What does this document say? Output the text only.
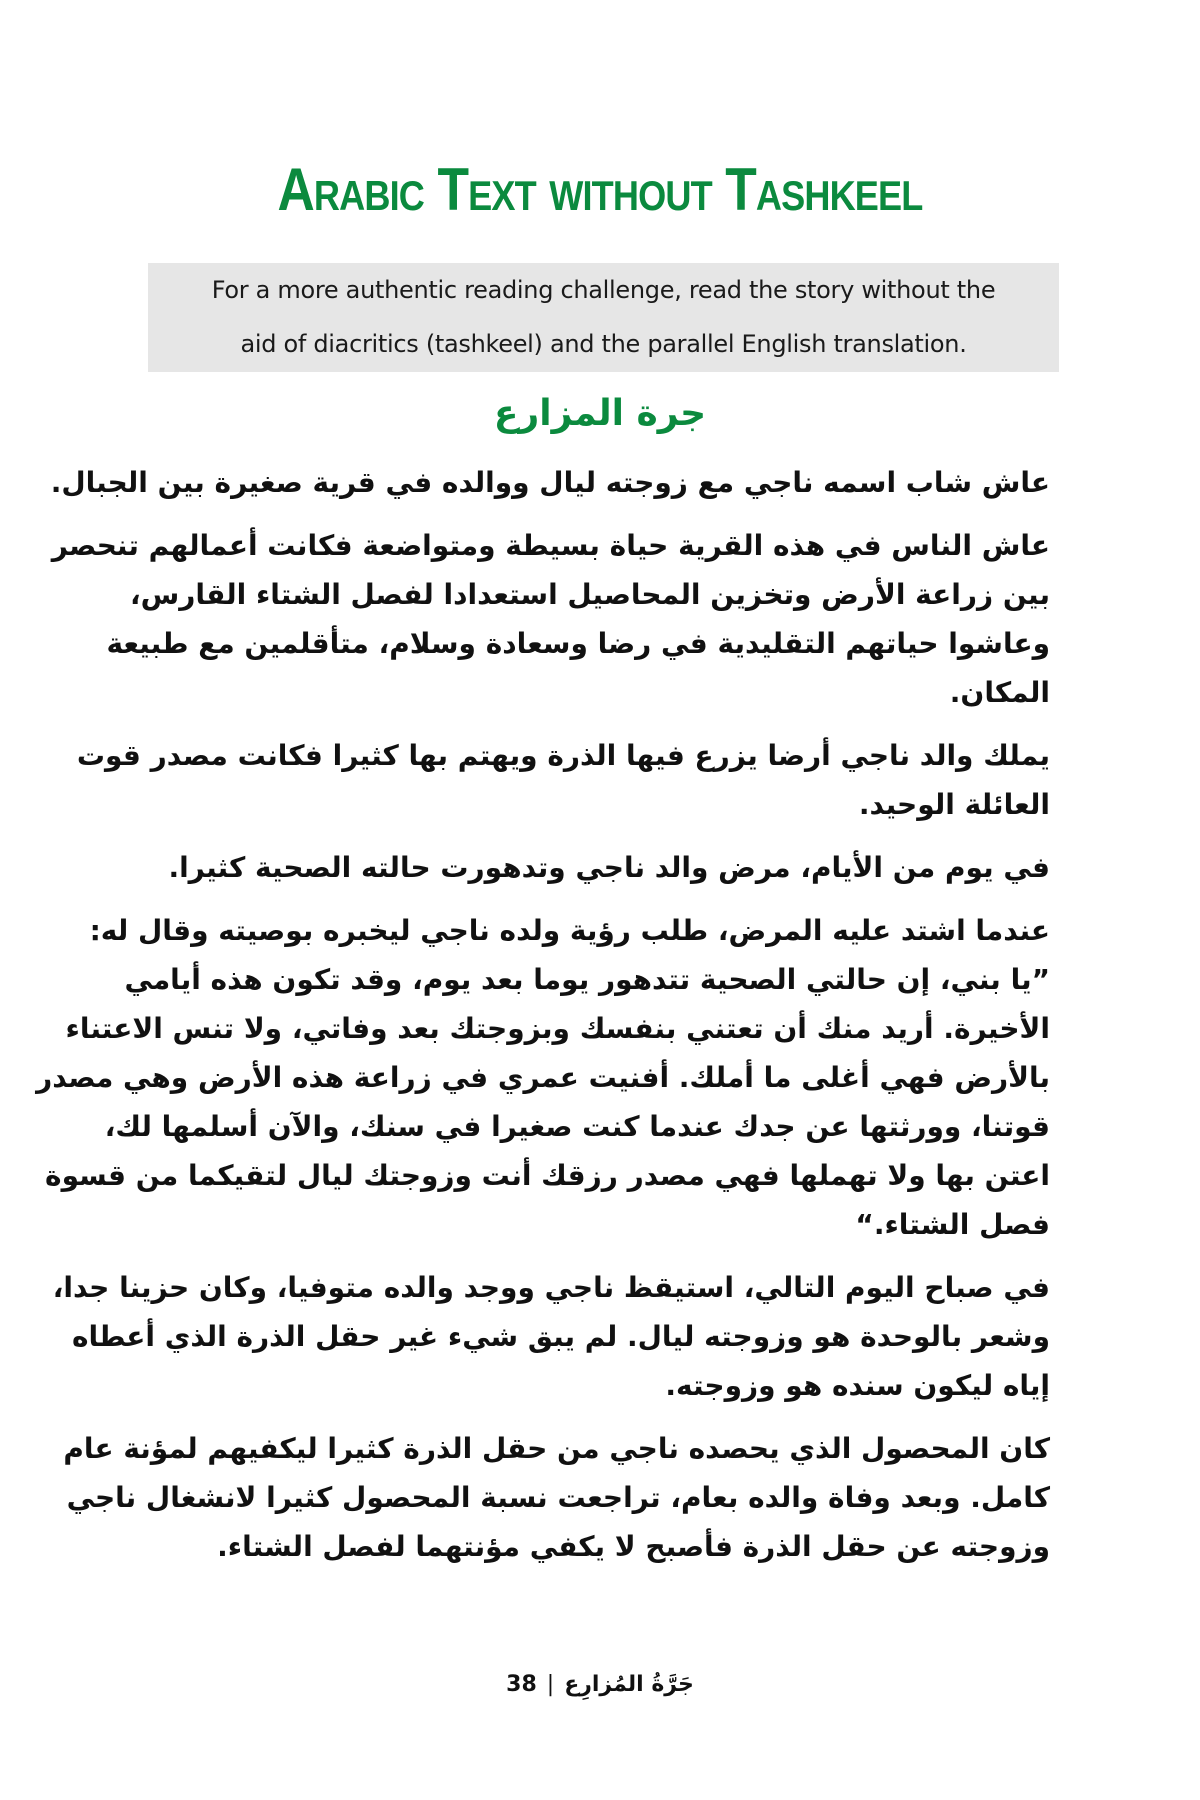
Arabic Text without Tashkeel
For a more authentic reading challenge, read the story without the
aid of diacritics (tashkeel) and the parallel English translation.
جرة المزارع
عاش شاب اسمه ناجي مع زوجته ليال ووالده في قرية صغيرة بين الجبال.
عاش الناس في هذه القرية حياة بسيطة ومتواضعة فكانت أعمالهم تنحصر
بين زراعة الأرض وتخزين المحاصيل استعدادا لفصل الشتاء القارس،
وعاشوا حياتهم التقليدية في رضا وسعادة وسلام، متأقلمين مع طبيعة
المكان.
يملك والد ناجي أرضا يزرع فيها الذرة ويهتم بها كثيرا فكانت مصدر قوت
العائلة الوحيد.
في يوم من الأيام، مرض والد ناجي وتدهورت حالته الصحية كثيرا.
عندما اشتد عليه المرض، طلب رؤية ولده ناجي ليخبره بوصيته وقال له:
”يا بني، إن حالتي الصحية تتدهور يوما بعد يوم، وقد تكون هذه أيامي
الأخيرة. أريد منك أن تعتني بنفسك وبزوجتك بعد وفاتي، ولا تنس الاعتناء
بالأرض فهي أغلى ما أملك. أفنيت عمري في زراعة هذه الأرض وهي مصدر
قوتنا، وورثتها عن جدك عندما كنت صغيرا في سنك، والآن أسلمها لك،
اعتن بها ولا تهملها فهي مصدر رزقك أنت وزوجتك ليال لتقيكما من قسوة
فصل الشتاء.“
في صباح اليوم التالي، استيقظ ناجي ووجد والده متوفيا، وكان حزينا جدا،
وشعر بالوحدة هو وزوجته ليال. لم يبق شيء غير حقل الذرة الذي أعطاه
إياه ليكون سنده هو وزوجته.
كان المحصول الذي يحصده ناجي من حقل الذرة كثيرا ليكفيهم لمؤنة عام
كامل. وبعد وفاة والده بعام، تراجعت نسبة المحصول كثيرا لانشغال ناجي
وزوجته عن حقل الذرة فأصبح لا يكفي مؤنتهما لفصل الشتاء.
جَرَّةُ المُزارِع|38
